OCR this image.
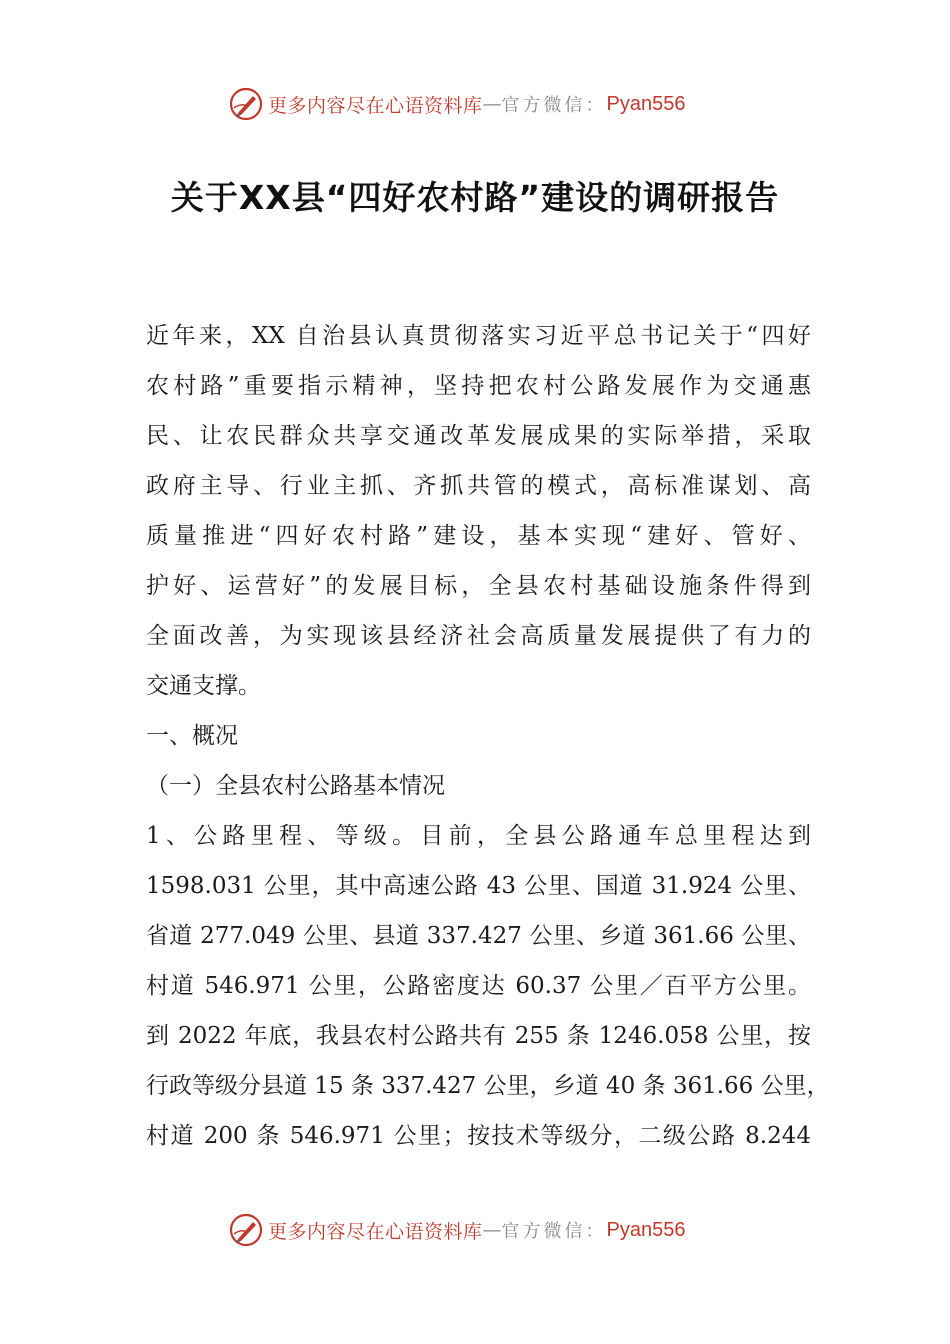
更多内容尽在心语资料库 — 官方微信： Pyan556
关于XX县“四好农村路”建设的调研报告
近年来，XX 自治县认真贯彻落实习近平总书记关于“四好
农村路”重要指示精神，坚持把农村公路发展作为交通惠
民、让农民群众共享交通改革发展成果的实际举措，采取
政府主导、行业主抓、齐抓共管的模式，高标准谋划、高
质量推进“四好农村路”建设，基本实现“建好、管好、
护好、运营好”的发展目标，全县农村基础设施条件得到
全面改善，为实现该县经济社会高质量发展提供了有力的
交通支撑。
一、概况
（一）全县农村公路基本情况
1、公路里程、等级。目前，全县公路通车总里程达到
1598.031 公里，其中高速公路 43 公里、国道 31.924 公里、
省道 277.049 公里、县道 337.427 公里、乡道 361.66 公里、
村道 546.971 公里，公路密度达 60.37 公里／百平方公里。
到 2022 年底，我县农村公路共有 255 条 1246.058 公里，按
行政等级分县道 15 条 337.427 公里，乡道 40 条 361.66 公里，
村道 200 条 546.971 公里；按技术等级分，二级公路 8.244
更多内容尽在心语资料库 — 官方微信： Pyan556
